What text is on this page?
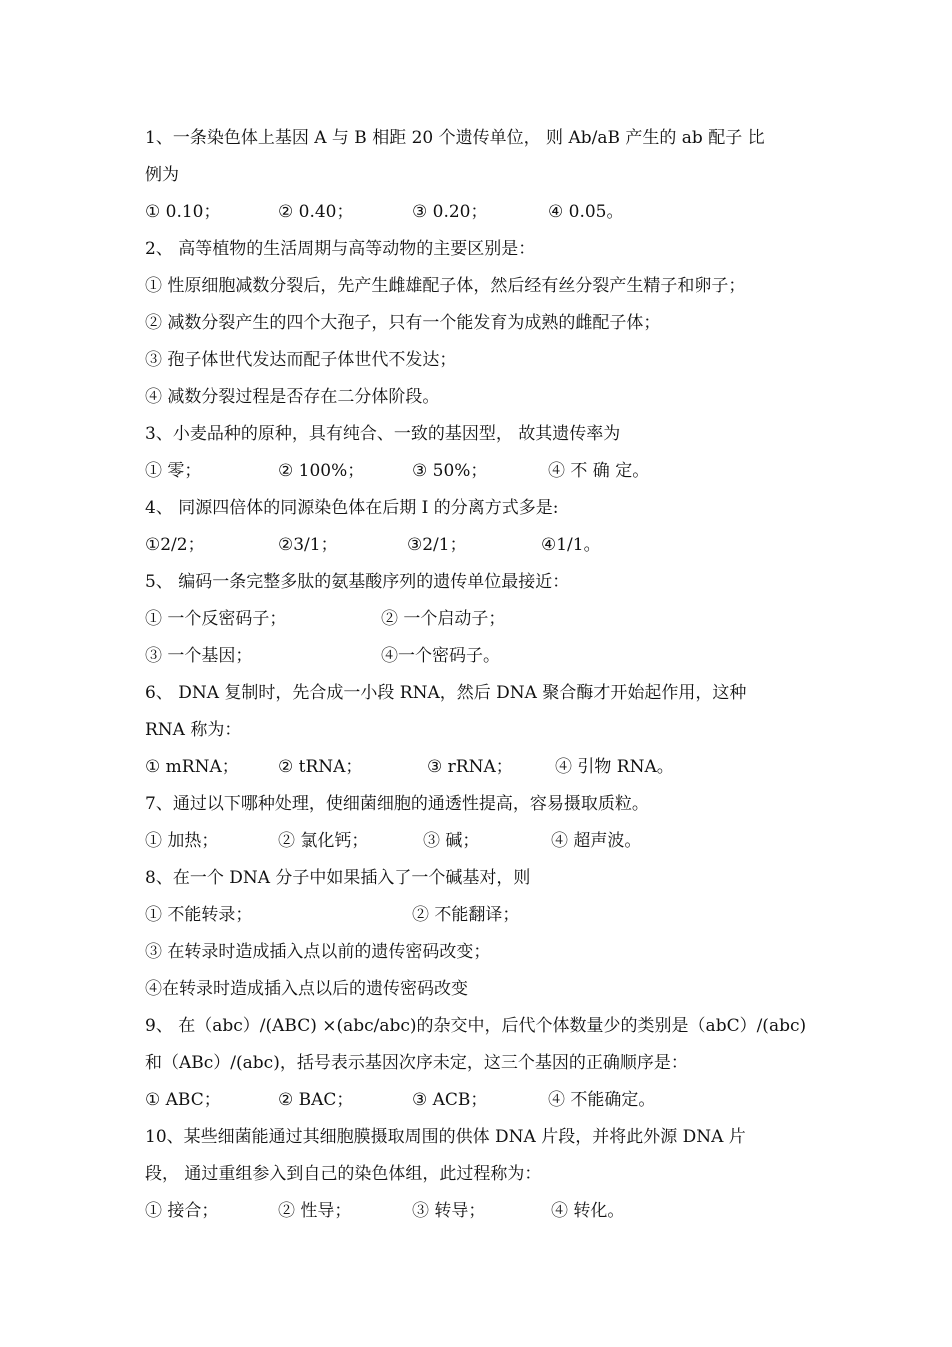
1、一条染色体上基因 A 与 B 相距 20 个遗传单位， 则 Ab/aB 产生的 ab 配子 比
例为
① 0.10；	② 0.40；	③ 0.20；	④ 0.05。
2、 高等植物的生活周期与高等动物的主要区别是：
① 性原细胞减数分裂后，先产生雌雄配子体，然后经有丝分裂产生精子和卵子；
② 减数分裂产生的四个大孢子，只有一个能发育为成熟的雌配子体；
③ 孢子体世代发达而配子体世代不发达；
④ 减数分裂过程是否存在二分体阶段。
3、小麦品种的原种，具有纯合、一致的基因型， 故其遗传率为
① 零；	② 100%；	③ 50%；	④ 不 确 定。
4、 同源四倍体的同源染色体在后期 I 的分离方式多是:
①2/2；	②3/1；	③2/1；	④1/1。
5、 编码一条完整多肽的氨基酸序列的遗传单位最接近：
① 一个反密码子；	② 一个启动子；
③ 一个基因；	④一个密码子。
6、 DNA 复制时，先合成一小段 RNA，然后 DNA 聚合酶才开始起作用，这种
RNA 称为：
① mRNA； ② tRNA；	③ rRNA； ④ 引物 RNA。
7、通过以下哪种处理，使细菌细胞的通透性提高，容易摄取质粒。
① 加热；	② 氯化钙；	③ 碱；	④ 超声波。
8、在一个 DNA 分子中如果插入了一个碱基对，则
① 不能转录；	② 不能翻译；
③ 在转录时造成插入点以前的遗传密码改变；
④在转录时造成插入点以后的遗传密码改变
9、 在（abc）/(ABC) ×(abc/abc)的杂交中，后代个体数量少的类别是（abC）/(abc)
和（ABc）/(abc)，括号表示基因次序未定，这三个基因的正确顺序是：
① ABC；	② BAC；	③ ACB；	④ 不能确定。
10、某些细菌能通过其细胞膜摄取周围的供体 DNA 片段，并将此外源 DNA 片
段， 通过重组参入到自己的染色体组，此过程称为：
① 接合；	② 性导；	③ 转导；	④ 转化。
